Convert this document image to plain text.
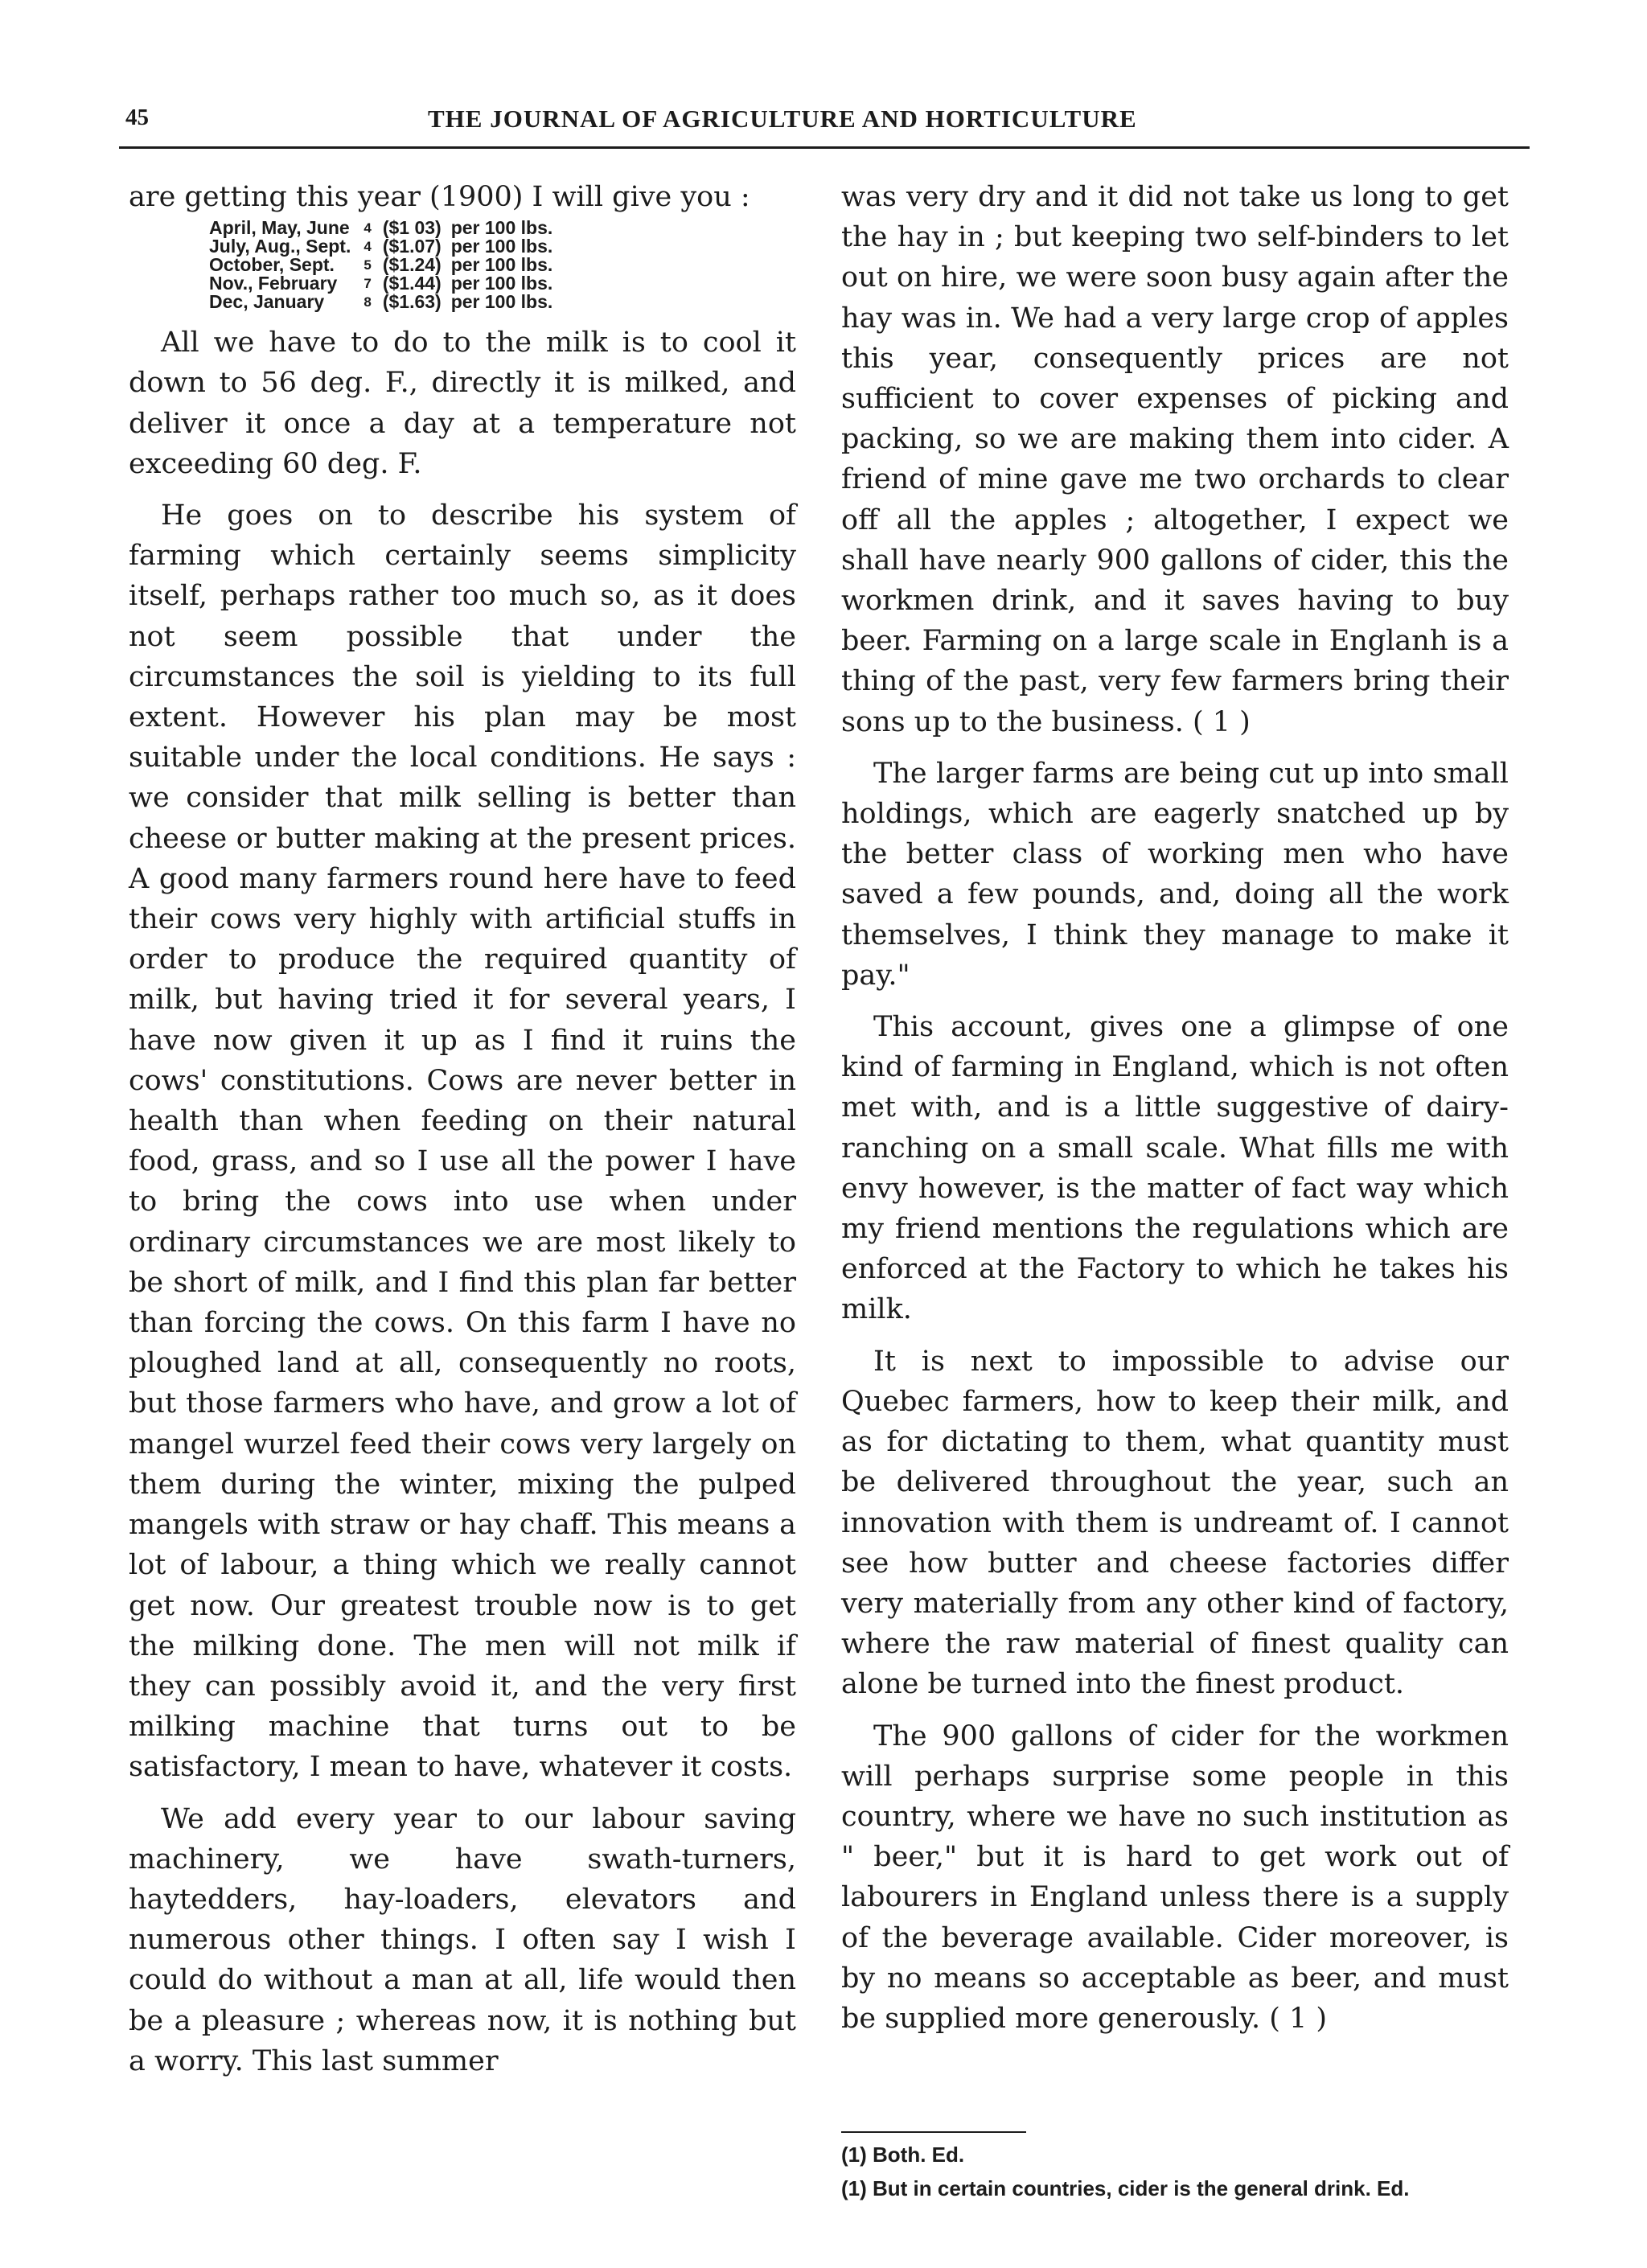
45	THE JOURNAL OF AGRICULTURE AND HORTICULTURE

are getting this year (1900) I will give you :

April, May, June	4	($1 03)	per 100 lbs.
July, Aug., Sept.	4	($1.07)	per 100 lbs.
October, Sept.	5	($1.24)	per 100 lbs.
Nov., February	7	($1.44)	per 100 lbs.
Dec, January	8	($1.63)	per 100 lbs.

All we have to do to the milk is to cool it down to 56 deg. F., directly it is milked, and deliver it once a day at a temperature not exceeding 60 deg. F.

He goes on to describe his system of farming which certainly seems simplicity itself, perhaps rather too much so, as it does not seem possible that under the circumstances the soil is yielding to its full extent. However his plan may be most suitable under the local conditions. He says : we consider that milk selling is better than cheese or butter making at the present prices. A good many farmers round here have to feed their cows very highly with artificial stuffs in order to produce the required quantity of milk, but having tried it for several years, I have now given it up as I find it ruins the cows' constitutions. Cows are never better in health than when feeding on their natural food, grass, and so I use all the power I have to bring the cows into use when under ordinary circumstances we are most likely to be short of milk, and I find this plan far better than forcing the cows. On this farm I have no ploughed land at all, consequently no roots, but those farmers who have, and grow a lot of mangel wurzel feed their cows very largely on them during the winter, mixing the pulped mangels with straw or hay chaff. This means a lot of labour, a thing which we really cannot get now. Our greatest trouble now is to get the milking done. The men will not milk if they can possibly avoid it, and the very first milking machine that turns out to be satisfactory, I mean to have, whatever it costs.

We add every year to our labour saving machinery, we have swath-turners, haytedders, hay-loaders, elevators and numerous other things. I often say I wish I could do without a man at all, life would then be a pleasure ; whereas now, it is nothing but a worry. This last summer

was very dry and it did not take us long to get the hay in ; but keeping two self-binders to let out on hire, we were soon busy again after the hay was in. We had a very large crop of apples this year, consequently prices are not sufficient to cover expenses of picking and packing, so we are making them into cider. A friend of mine gave me two orchards to clear off all the apples ; altogether, I expect we shall have nearly 900 gallons of cider, this the workmen drink, and it saves having to buy beer. Farming on a large scale in Englanh is a thing of the past, very few farmers bring their sons up to the business. ( 1 )

The larger farms are being cut up into small holdings, which are eagerly snatched up by the better class of working men who have saved a few pounds, and, doing all the work themselves, I think they manage to make it pay."

This account, gives one a glimpse of one kind of farming in England, which is not often met with, and is a little suggestive of dairy-ranching on a small scale. What fills me with envy however, is the matter of fact way which my friend mentions the regulations which are enforced at the Factory to which he takes his milk.

It is next to impossible to advise our Quebec farmers, how to keep their milk, and as for dictating to them, what quantity must be delivered throughout the year, such an innovation with them is undreamt of. I cannot see how butter and cheese factories differ very materially from any other kind of factory, where the raw material of finest quality can alone be turned into the finest product.

The 900 gallons of cider for the workmen will perhaps surprise some people in this country, where we have no such institution as " beer," but it is hard to get work out of labourers in England unless there is a supply of the beverage available. Cider moreover, is by no means so acceptable as beer, and must be supplied more generously. ( 1 )

(1) Both. Ed.

(1) But in certain countries, cider is the general drink. Ed.
